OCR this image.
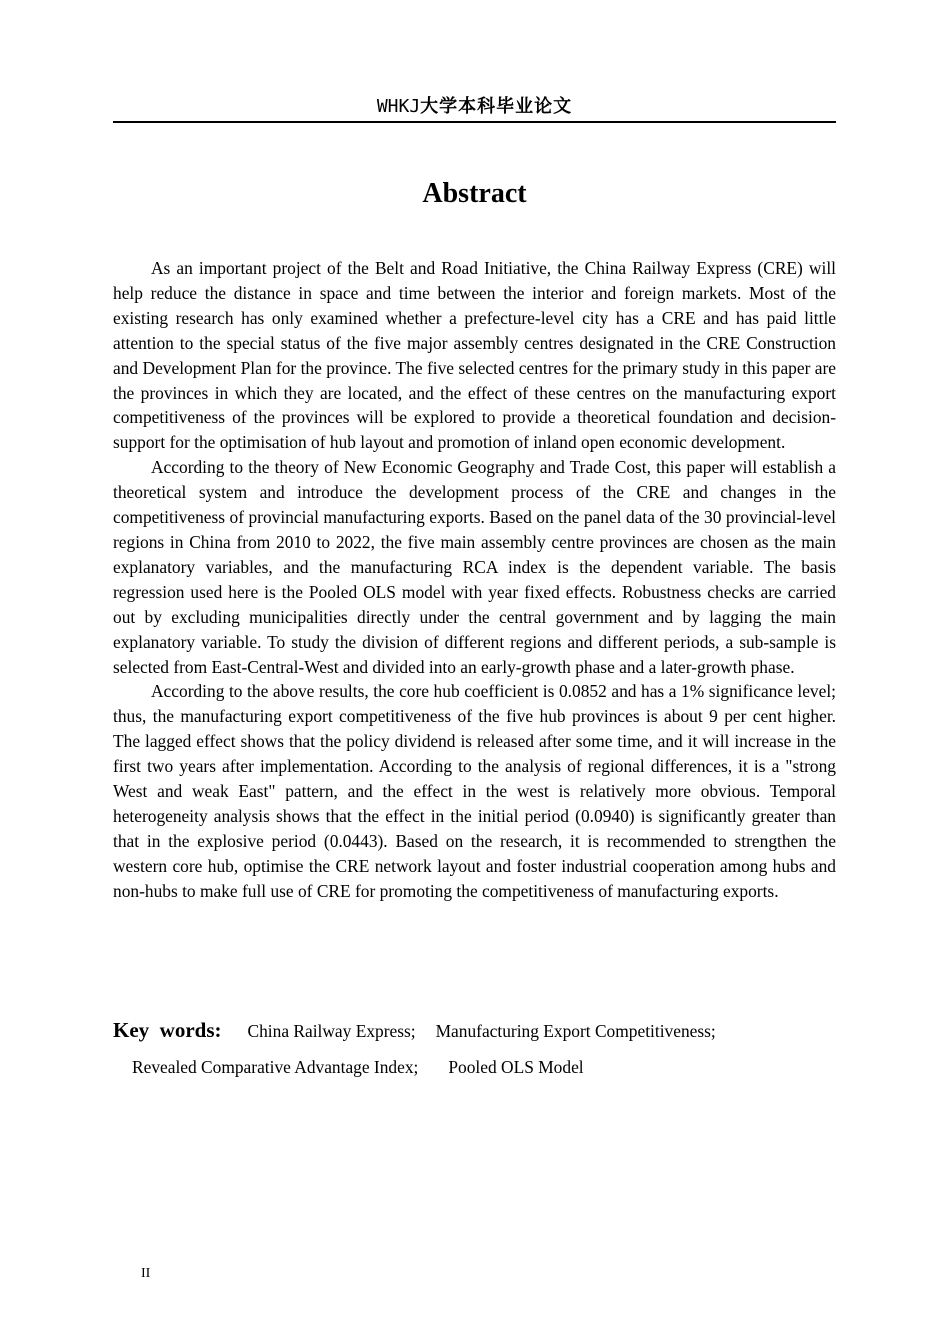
WHKJ大学本科毕业论文
Abstract

As an important project of the Belt and Road Initiative, the China Railway Express (CRE) will help reduce the distance in space and time between the interior and foreign markets. Most of the existing research has only examined whether a prefecture-level city has a CRE and has paid little attention to the special status of the five major assembly centres designated in the CRE Construction and Development Plan for the province. The five selected centres for the primary study in this paper are the provinces in which they are located, and the effect of these centres on the manufacturing export competitiveness of the provinces will be explored to provide a theoretical foundation and decision-support for the optimisation of hub layout and promotion of inland open economic development.

According to the theory of New Economic Geography and Trade Cost, this paper will establish a theoretical system and introduce the development process of the CRE and changes in the competitiveness of provincial manufacturing exports. Based on the panel data of the 30 provincial-level regions in China from 2010 to 2022, the five main assembly centre provinces are chosen as the main explanatory variables, and the manufacturing RCA index is the dependent variable. The basis regression used here is the Pooled OLS model with year fixed effects. Robustness checks are carried out by excluding municipalities directly under the central government and by lagging the main explanatory variable. To study the division of different regions and different periods, a sub-sample is selected from East-Central-West and divided into an early-growth phase and a later-growth phase.

According to the above results, the core hub coefficient is 0.0852 and has a 1% significance level; thus, the manufacturing export competitiveness of the five hub provinces is about 9 per cent higher. The lagged effect shows that the policy dividend is released after some time, and it will increase in the first two years after implementation. According to the analysis of regional differences, it is a "strong West and weak East" pattern, and the effect in the west is relatively more obvious. Temporal heterogeneity analysis shows that the effect in the initial period (0.0940) is significantly greater than that in the explosive period (0.0443). Based on the research, it is recommended to strengthen the western core hub, optimise the CRE network layout and foster industrial cooperation among hubs and non-hubs to make full use of CRE for promoting the competitiveness of manufacturing exports.

Key  words: China Railway Express; Manufacturing Export Competitiveness;
Revealed Comparative Advantage Index; Pooled OLS Model
II
